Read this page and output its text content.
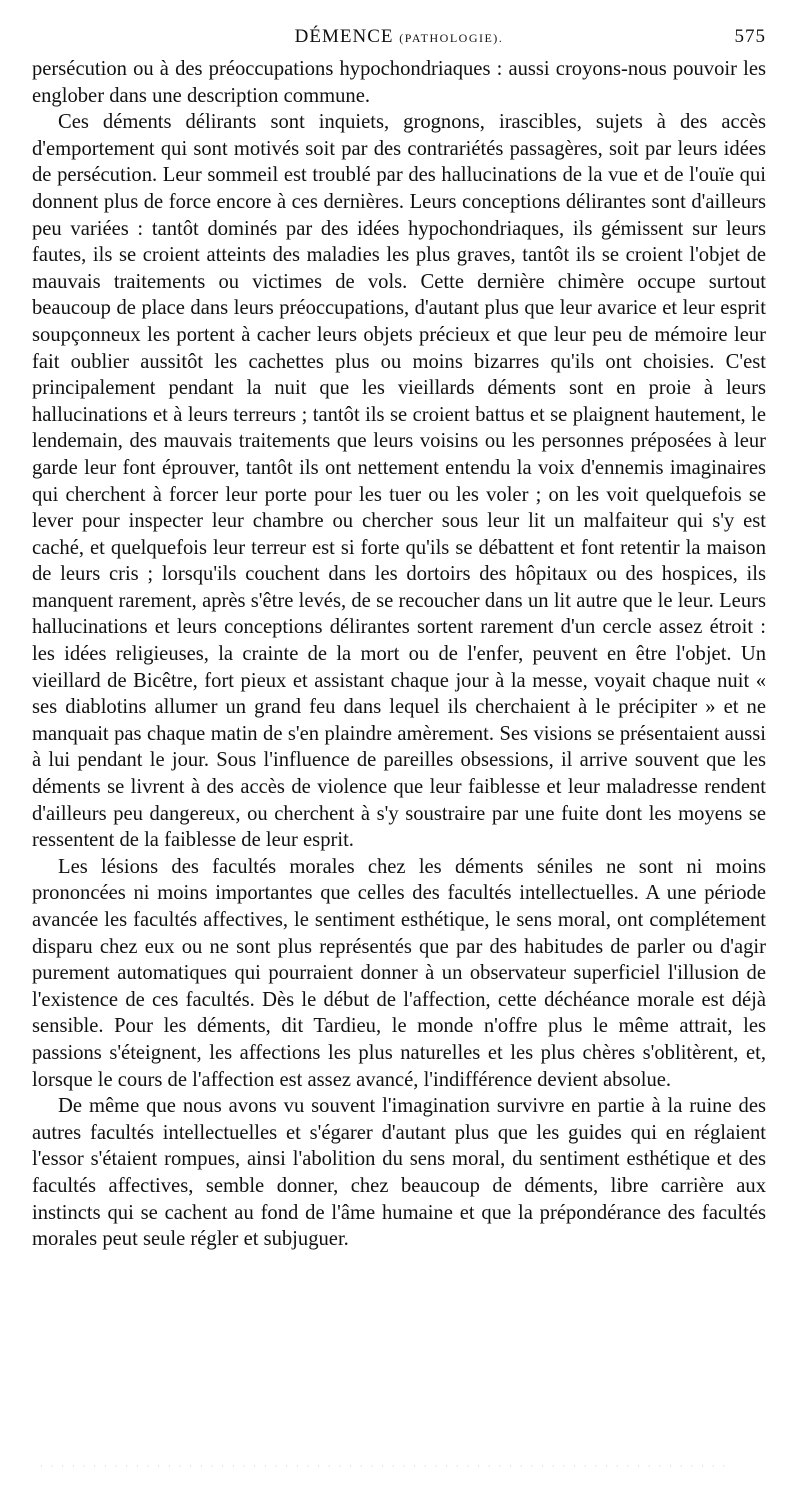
DÉMENCE (PATHOLOGIE).	575

persécution ou à des préoccupations hypochondriaques : aussi croyons-nous pouvoir les englober dans une description commune.

Ces déments délirants sont inquiets, grognons, irascibles, sujets à des accès d'emportement qui sont motivés soit par des contrariétés passagères, soit par leurs idées de persécution. Leur sommeil est troublé par des hallucinations de la vue et de l'ouïe qui donnent plus de force encore à ces dernières. Leurs conceptions délirantes sont d'ailleurs peu variées : tantôt dominés par des idées hypochondriaques, ils gémissent sur leurs fautes, ils se croient atteints des maladies les plus graves, tantôt ils se croient l'objet de mauvais traitements ou victimes de vols. Cette dernière chimère occupe surtout beaucoup de place dans leurs préoccupations, d'autant plus que leur avarice et leur esprit soupçonneux les portent à cacher leurs objets précieux et que leur peu de mémoire leur fait oublier aussitôt les cachettes plus ou moins bizarres qu'ils ont choisies. C'est principalement pendant la nuit que les vieillards déments sont en proie à leurs hallucinations et à leurs terreurs ; tantôt ils se croient battus et se plaignent hautement, le lendemain, des mauvais traitements que leurs voisins ou les personnes préposées à leur garde leur font éprouver, tantôt ils ont nettement entendu la voix d'ennemis imaginaires qui cherchent à forcer leur porte pour les tuer ou les voler ; on les voit quelquefois se lever pour inspecter leur chambre ou chercher sous leur lit un malfaiteur qui s'y est caché, et quelquefois leur terreur est si forte qu'ils se débattent et font retentir la maison de leurs cris ; lorsqu'ils couchent dans les dortoirs des hôpitaux ou des hospices, ils manquent rarement, après s'être levés, de se recoucher dans un lit autre que le leur. Leurs hallucinations et leurs conceptions délirantes sortent rarement d'un cercle assez étroit : les idées religieuses, la crainte de la mort ou de l'enfer, peuvent en être l'objet. Un vieillard de Bicêtre, fort pieux et assistant chaque jour à la messe, voyait chaque nuit « ses diablotins allumer un grand feu dans lequel ils cherchaient à le précipiter » et ne manquait pas chaque matin de s'en plaindre amèrement. Ses visions se présentaient aussi à lui pendant le jour. Sous l'influence de pareilles obsessions, il arrive souvent que les déments se livrent à des accès de violence que leur faiblesse et leur maladresse rendent d'ailleurs peu dangereux, ou cherchent à s'y soustraire par une fuite dont les moyens se ressentent de la faiblesse de leur esprit.

Les lésions des facultés morales chez les déments séniles ne sont ni moins prononcées ni moins importantes que celles des facultés intellectuelles. A une période avancée les facultés affectives, le sentiment esthétique, le sens moral, ont complétement disparu chez eux ou ne sont plus représentés que par des habitudes de parler ou d'agir purement automatiques qui pourraient donner à un observateur superficiel l'illusion de l'existence de ces facultés. Dès le début de l'affection, cette déchéance morale est déjà sensible. Pour les déments, dit Tardieu, le monde n'offre plus le même attrait, les passions s'éteignent, les affections les plus naturelles et les plus chères s'oblitèrent, et, lorsque le cours de l'affection est assez avancé, l'indifférence devient absolue.

De même que nous avons vu souvent l'imagination survivre en partie à la ruine des autres facultés intellectuelles et s'égarer d'autant plus que les guides qui en réglaient l'essor s'étaient rompues, ainsi l'abolition du sens moral, du sentiment esthétique et des facultés affectives, semble donner, chez beaucoup de déments, libre carrière aux instincts qui se cachent au fond de l'âme humaine et que la prépondérance des facultés morales peut seule régler et subjuguer.

· · · · · · · · · · · · · · · · · · · · · · · · · · · · · · · · · · · · · · · · · · · · · · · · · · · · · · · · · · · · · · · · ·
